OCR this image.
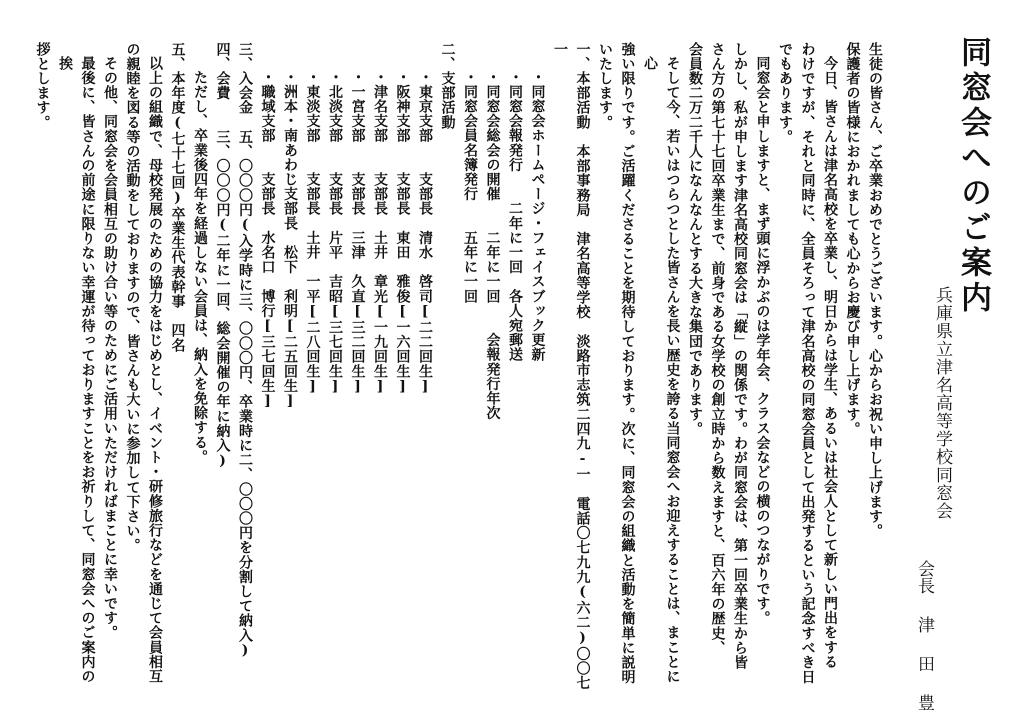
同窓会へのご案内
兵庫県立津名高等学校同窓会
会長津田豊

生徒の皆さん、ご卒業おめでとうございます。心からお祝い申し上げます。

保護者の皆様におかれましても心からお慶び申し上げます。

今日、皆さんは津名高校を卒業し、明日からは学生、あるいは社会人として新しい門出をする

わけですが、それと同時に、全員そろって津名高校の同窓会員として出発するという記念すべき日

でもあります。

同窓会と申しますと、まず頭に浮かぶのは学年会、クラス会などの横のつながりです。

しかし、私が申します津名高校同窓会は「縦」の関係です。わが同窓会は、第一回卒業生から皆

さん方の第七十七回卒業生まで、前身である女学校の創立時から数えますと、百六年の歴史、

会員数二万二千人になんなんとする大きな集団であります。

そして今、若いはつらつとした皆さんを長い歴史を誇る当同窓会へお迎えすることは、まことに心

強い限りです。ご活躍くださることを期待しております。次に、同窓会の組織と活動を簡単に説明

いたします。

一、本部活動　本部事務局　津名高等学校　淡路市志筑二四九-一　電話〇七九九(六二)〇〇七一

・同窓会ホームページ・フェイスブック更新

・同窓会報発行　　二年に一回　各人宛郵送

・同窓会総会の開催　　二年に一回　　会報発行年次

・同窓会員名簿発行　　五年に一回

二、支部活動

・東京支部　　支部長　清水　啓司[二二回生]

・阪神支部　　支部長　東田　雅俊[一六回生]

・津名支部　　支部長　土井　章光[一九回生]

・一宮支部　　支部長　三津　久直[三二回生]

・北淡支部　　支部長　片平　吉昭[三七回生]

・東淡支部　　支部長　土井　一平[二八回生]

・洲本・南あわじ支部長　松下　利明[二五回生]

・職域支部　　支部長　水名口　博行[三七回生]

三、入会金　五、〇〇〇円(入学時に三、〇〇〇円、卒業時に二、〇〇〇円を分割して納入)

四、会費　　三、〇〇〇円(二年に一回、総会開催の年に納入)

ただし、卒業後四年を経過しない会員は、納入を免除する。

五、本年度(七十七回)卒業生代表幹事　四名

以上の組織で、母校発展のための協力をはじめとし、イベント・研修旅行などを通じて会員相互

の親睦を図る等の活動をしておりますので、皆さんも大いに参加して下さい。

その他、同窓会を会員相互の助け合い等のためにご活用いただければまことに幸いです。

最後に、皆さんの前途に限りない幸運が待っておりますことをお祈りして、同窓会へのご案内の挨

拶とします。
